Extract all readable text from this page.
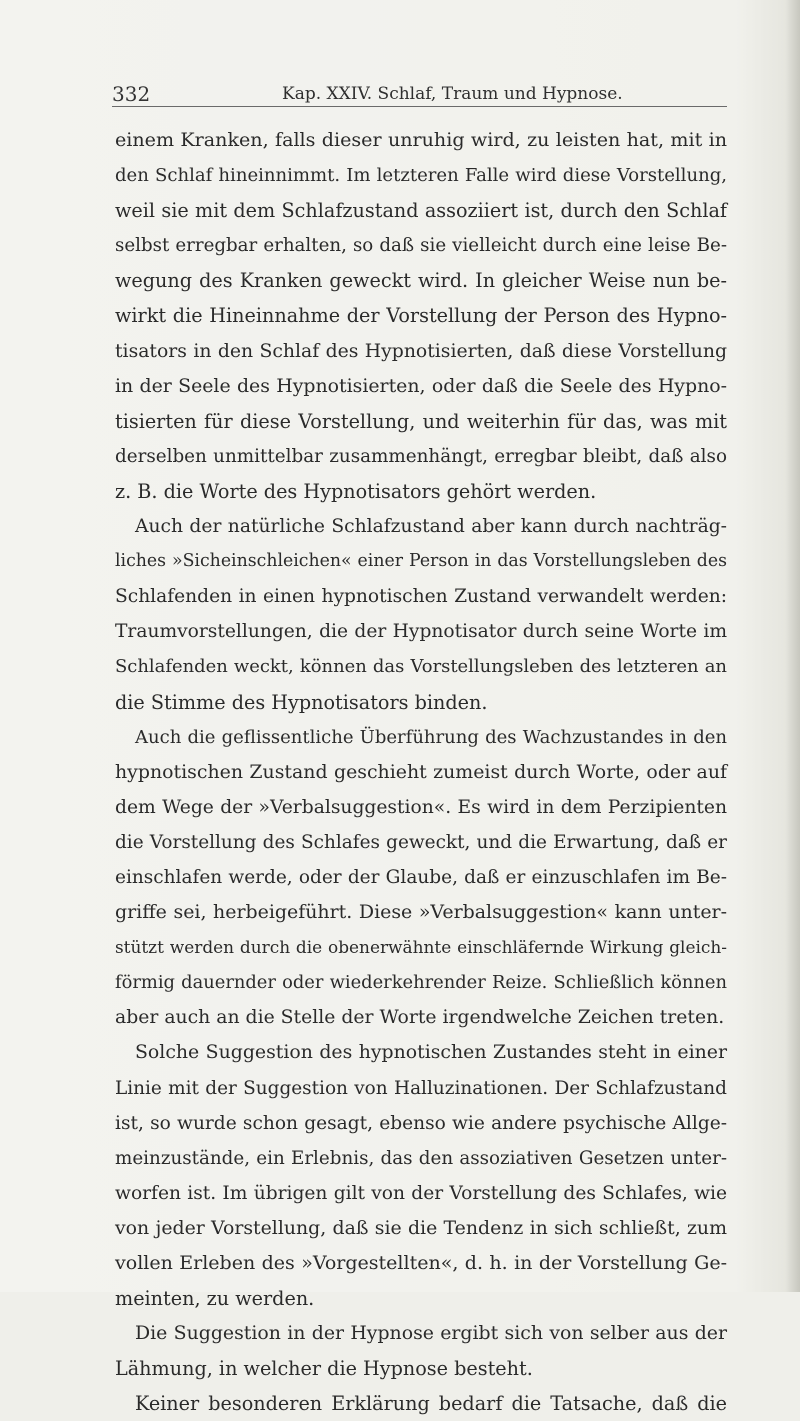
332	Kap. XXIV. Schlaf, Traum und Hypnose.
einem Kranken, falls dieser unruhig wird, zu leisten hat, mit in
den Schlaf hineinnimmt. Im letzteren Falle wird diese Vorstellung,
weil sie mit dem Schlafzustand assoziiert ist, durch den Schlaf
selbst erregbar erhalten, so daß sie vielleicht durch eine leise Be-
wegung des Kranken geweckt wird. In gleicher Weise nun be-
wirkt die Hineinnahme der Vorstellung der Person des Hypno-
tisators in den Schlaf des Hypnotisierten, daß diese Vorstellung
in der Seele des Hypnotisierten, oder daß die Seele des Hypno-
tisierten für diese Vorstellung, und weiterhin für das, was mit
derselben unmittelbar zusammenhängt, erregbar bleibt, daß also
z. B. die Worte des Hypnotisators gehört werden.
Auch der natürliche Schlafzustand aber kann durch nachträg-
liches »Sicheinschleichen« einer Person in das Vorstellungsleben des
Schlafenden in einen hypnotischen Zustand verwandelt werden:
Traumvorstellungen, die der Hypnotisator durch seine Worte im
Schlafenden weckt, können das Vorstellungsleben des letzteren an
die Stimme des Hypnotisators binden.
Auch die geflissentliche Überführung des Wachzustandes in den
hypnotischen Zustand geschieht zumeist durch Worte, oder auf
dem Wege der »Verbalsuggestion«. Es wird in dem Perzipienten
die Vorstellung des Schlafes geweckt, und die Erwartung, daß er
einschlafen werde, oder der Glaube, daß er einzuschlafen im Be-
griffe sei, herbeigeführt. Diese »Verbalsuggestion« kann unter-
stützt werden durch die obenerwähnte einschläfernde Wirkung gleich-
förmig dauernder oder wiederkehrender Reize. Schließlich können
aber auch an die Stelle der Worte irgendwelche Zeichen treten.
Solche Suggestion des hypnotischen Zustandes steht in einer
Linie mit der Suggestion von Halluzinationen. Der Schlafzustand
ist, so wurde schon gesagt, ebenso wie andere psychische Allge-
meinzustände, ein Erlebnis, das den assoziativen Gesetzen unter-
worfen ist. Im übrigen gilt von der Vorstellung des Schlafes, wie
von jeder Vorstellung, daß sie die Tendenz in sich schließt, zum
vollen Erleben des »Vorgestellten«, d. h. in der Vorstellung Ge-
meinten, zu werden.
Die Suggestion in der Hypnose ergibt sich von selber aus der
Lähmung, in welcher die Hypnose besteht.
Keiner besonderen Erklärung bedarf die Tatsache, daß die
